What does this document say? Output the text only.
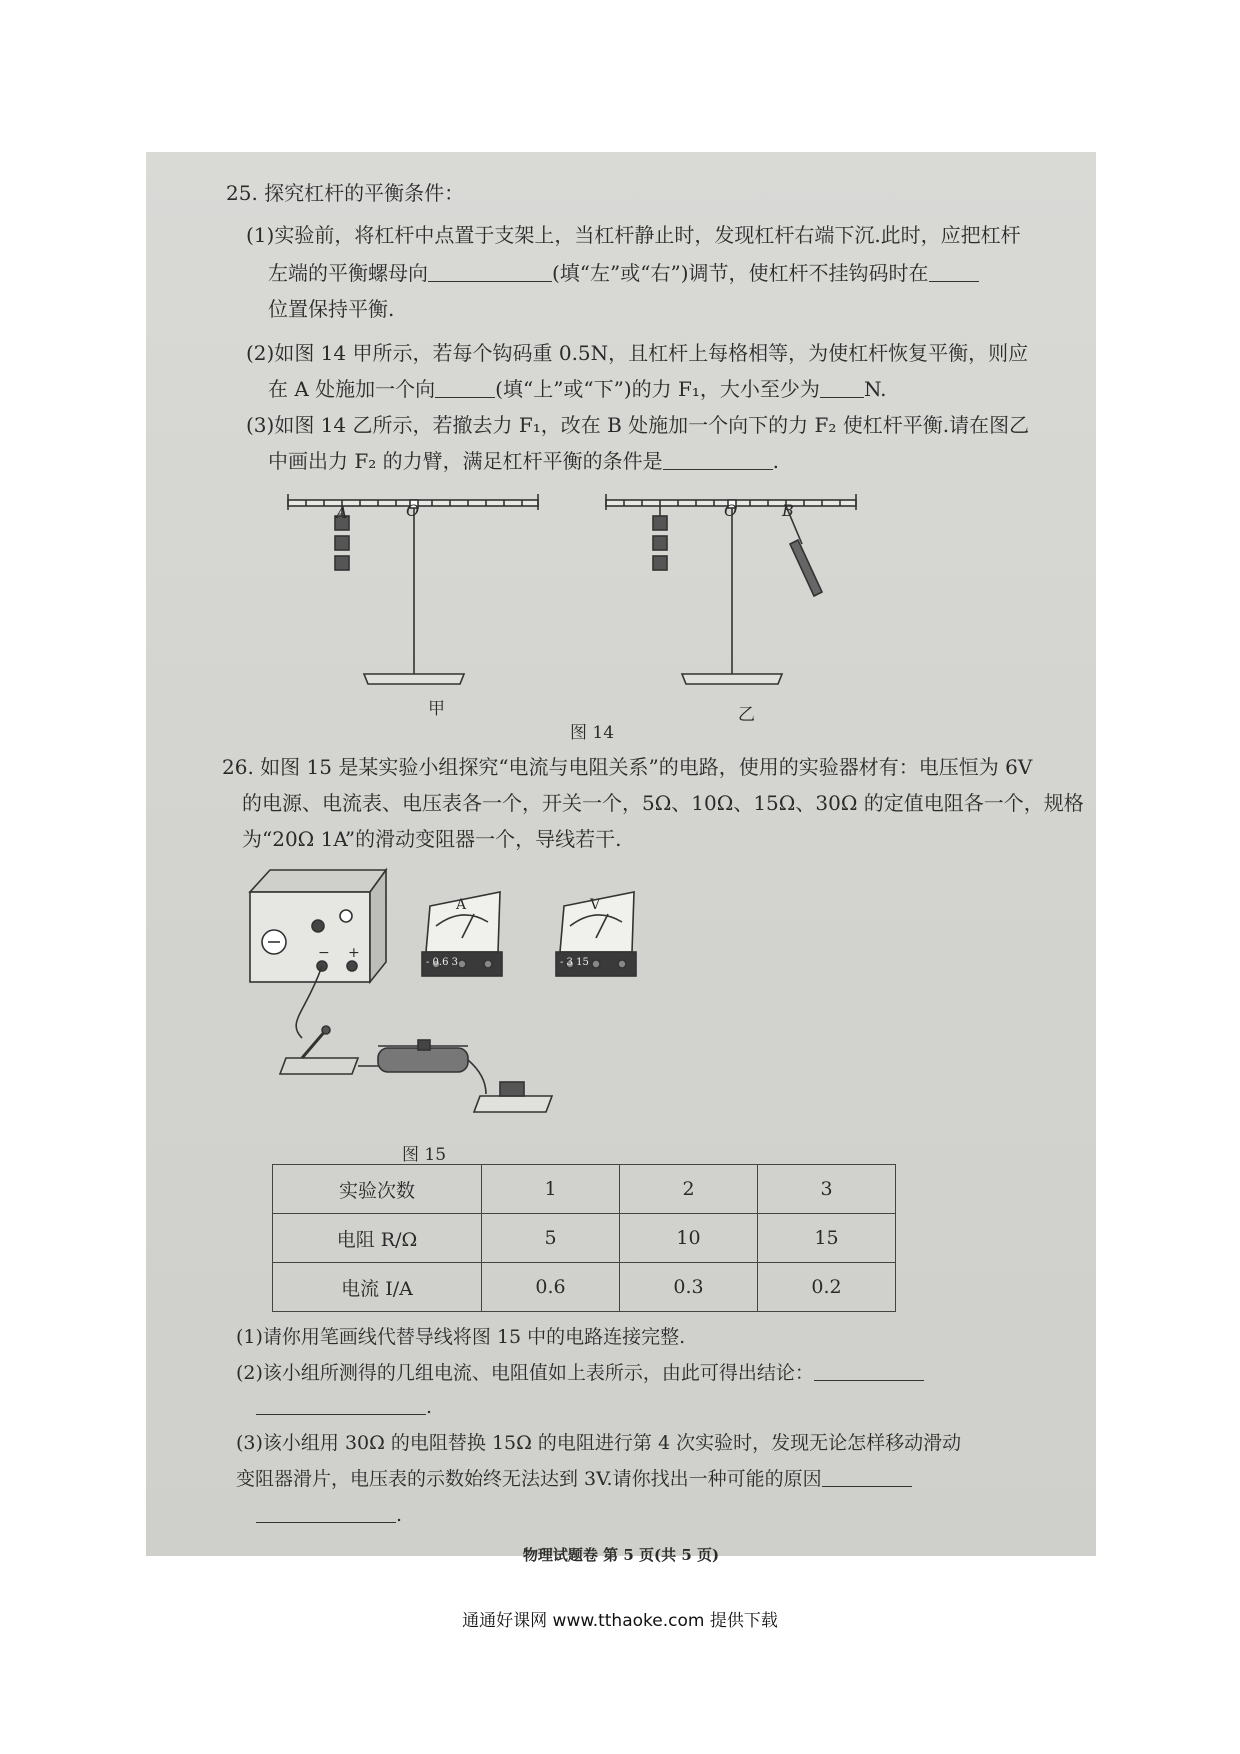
25. 探究杠杆的平衡条件：
(1)实验前，将杠杆中点置于支架上，当杠杆静止时，发现杠杆右端下沉.此时，应把杠杆
左端的平衡螺母向	(填“左”或“右”)调节，使杠杆不挂钩码时在
位置保持平衡.
(2)如图 14 甲所示，若每个钩码重 0.5N，且杠杆上每格相等，为使杠杆恢复平衡，则应
在 A 处施加一个向	(填“上”或“下”)的力 F₁，大小至少为 N.
(3)如图 14 乙所示，若撤去力 F₁，改在 B 处施加一个向下的力 F₂ 使杠杆平衡.请在图乙
中画出力 F₂ 的力臂，满足杠杆平衡的条件是	.
A	O	O	B
甲	乙
图 14
26. 如图 15 是某实验小组探究“电流与电阻关系”的电路，使用的实验器材有：电压恒为 6V
的电源、电流表、电压表各一个，开关一个，5Ω、10Ω、15Ω、30Ω 的定值电阻各一个，规格
为“20Ω 1A”的滑动变阻器一个，导线若干.
A	V
- 0.6 3	- 3 15
− +
图 15
实验次数	1	2	3
电阻 R/Ω	5	10	15
电流 I/A	0.6	0.3	0.2
(1)请你用笔画线代替导线将图 15 中的电路连接完整.
(2)该小组所测得的几组电流、电阻值如上表所示，由此可得出结论：
.
(3)该小组用 30Ω 的电阻替换 15Ω 的电阻进行第 4 次实验时，发现无论怎样移动滑动
变阻器滑片，电压表的示数始终无法达到 3V.请你找出一种可能的原因
.
物理试题卷 第 5 页(共 5 页)
通通好课网 www.tthaoke.com 提供下载
